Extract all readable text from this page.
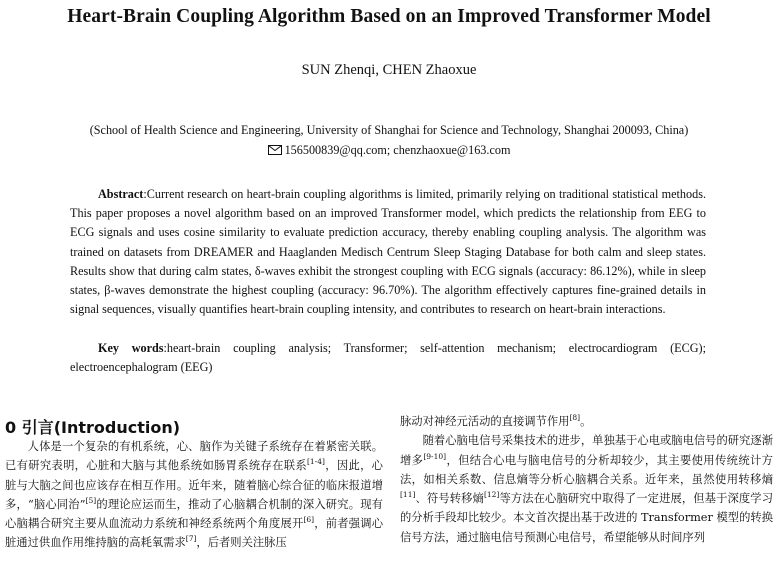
Heart-Brain Coupling Algorithm Based on an Improved Transformer Model
SUN Zhenqi, CHEN Zhaoxue
(School of Health Science and Engineering, University of Shanghai for Science and Technology, Shanghai 200093, China)
156500839@qq.com; chenzhaoxue@163.com

Abstract:Current research on heart-brain coupling algorithms is limited, primarily relying on traditional statistical methods. This paper proposes a novel algorithm based on an improved Transformer model, which predicts the relationship from EEG to ECG signals and uses cosine similarity to evaluate prediction accuracy, thereby enabling coupling analysis. The algorithm was trained on datasets from DREAMER and Haaglanden Medisch Centrum Sleep Staging Database for both calm and sleep states. Results show that during calm states, δ-waves exhibit the strongest coupling with ECG signals (accuracy: 86.12%), while in sleep states, β-waves demonstrate the highest coupling (accuracy: 96.70%). The algorithm effectively captures fine-grained details in signal sequences, visually quantifies heart-brain coupling intensity, and contributes to research on heart-brain interactions.

Key words:heart-brain coupling analysis; Transformer; self-attention mechanism; electrocardiogram (ECG); electroencephalogram (EEG)

0 引言(Introduction)

人体是一个复杂的有机系统，心、脑作为关键子系统存在着紧密关联。已有研究表明，心脏和大脑与其他系统如肠胃系统存在联系[1-4]，因此，心脏与大脑之间也应该存在相互作用。近年来，随着脑心综合征的临床报道增多，“脑心同治”[5]的理论应运而生，推动了心脑耦合机制的深入研究。现有心脑耦合研究主要从血流动力系统和神经系统两个角度展开[6]，前者强调心脏通过供血作用维持脑的高耗氧需求[7]，后者则关注脉压

脉动对神经元活动的直接调节作用[8]。

随着心脑电信号采集技术的进步，单独基于心电或脑电信号的研究逐渐增多[9-10]，但结合心电与脑电信号的分析却较少，其主要使用传统统计方法，如相关系数、信息熵等分析心脑耦合关系。近年来，虽然使用转移熵[11]、符号转移熵[12]等方法在心脑研究中取得了一定进展，但基于深度学习的分析手段却比较少。本文首次提出基于改进的 Transformer 模型的转换信号方法，通过脑电信号预测心电信号，希望能够从时间序列
